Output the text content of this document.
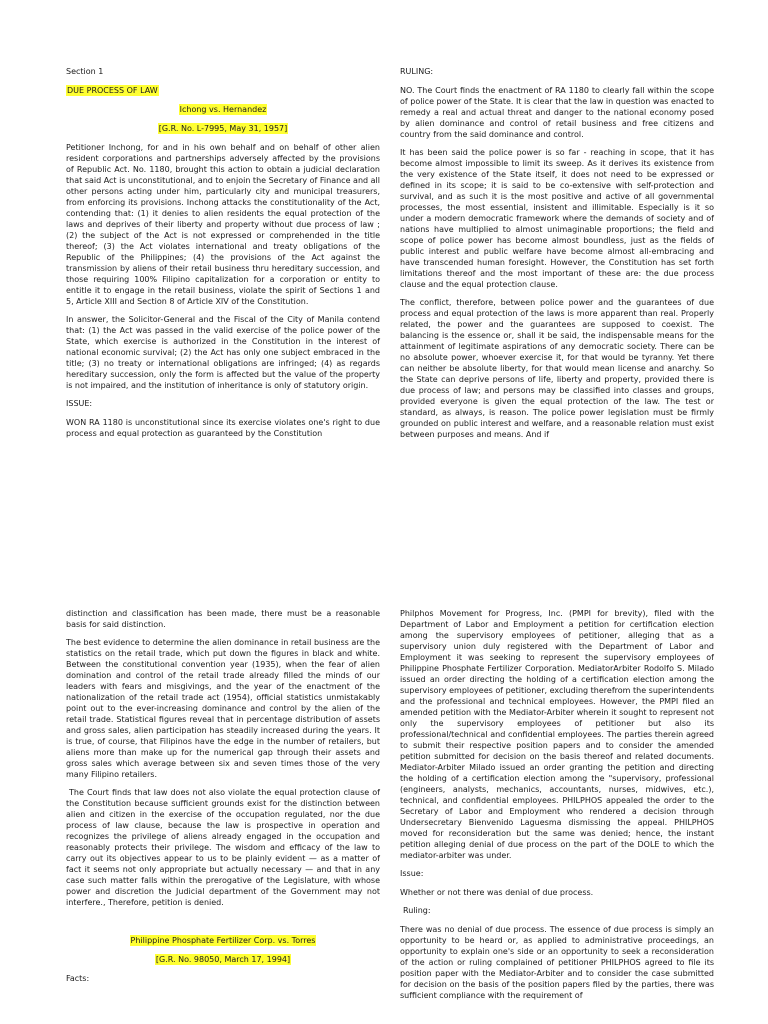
Section 1

DUE PROCESS OF LAW

Ichong vs. Hernandez

[G.R. No. L-7995, May 31, 1957]

Petitioner Inchong, for and in his own behalf and on behalf of other alien resident corporations and partnerships adversely affected by the provisions of Republic Act. No. 1180, brought this action to obtain a judicial declaration that said Act is unconstitutional, and to enjoin the Secretary of Finance and all other persons acting under him, particularly city and municipal treasurers, from enforcing its provisions. Inchong attacks the constitutionality of the Act, contending that: (1) it denies to alien residents the equal protection of the laws and deprives of their liberty and property without due process of law ; (2) the subject of the Act is not expressed or comprehended in the title thereof; (3) the Act violates international and treaty obligations of the Republic of the Philippines; (4) the provisions of the Act against the transmission by aliens of their retail business thru hereditary succession, and those requiring 100% Filipino capitalization for a corporation or entity to entitle it to engage in the retail business, violate the spirit of Sections 1 and 5, Article XIII and Section 8 of Article XIV of the Constitution.

In answer, the Solicitor-General and the Fiscal of the City of Manila contend that: (1) the Act was passed in the valid exercise of the police power of the State, which exercise is authorized in the Constitution in the interest of national economic survival; (2) the Act has only one subject embraced in the title; (3) no treaty or international obligations are infringed; (4) as regards hereditary succession, only the form is affected but the value of the property is not impaired, and the institution of inheritance is only of statutory origin.

ISSUE:

WON RA 1180 is unconstitutional since its exercise violates one's right to due process and equal protection as guaranteed by the Constitution

RULING:

NO. The Court finds the enactment of RA 1180 to clearly fall within the scope of police power of the State. It is clear that the law in question was enacted to remedy a real and actual threat and danger to the national economy posed by alien dominance and control of retail business and free citizens and country from the said dominance and control.

It has been said the police power is so far - reaching in scope, that it has become almost impossible to limit its sweep. As it derives its existence from the very existence of the State itself, it does not need to be expressed or defined in its scope; it is said to be co-extensive with self-protection and survival, and as such it is the most positive and active of all governmental processes, the most essential, insistent and illimitable. Especially is it so under a modern democratic framework where the demands of society and of nations have multiplied to almost unimaginable proportions; the field and scope of police power has become almost boundless, just as the fields of public interest and public welfare have become almost all-embracing and have transcended human foresight. However, the Constitution has set forth limitations thereof and the most important of these are: the due process clause and the equal protection clause.

The conflict, therefore, between police power and the guarantees of due process and equal protection of the laws is more apparent than real. Properly related, the power and the guarantees are supposed to coexist. The balancing is the essence or, shall it be said, the indispensable means for the attainment of legitimate aspirations of any democratic society. There can be no absolute power, whoever exercise it, for that would be tyranny. Yet there can neither be absolute liberty, for that would mean license and anarchy. So the State can deprive persons of life, liberty and property, provided there is due process of law; and persons may be classified into classes and groups, provided everyone is given the equal protection of the law. The test or standard, as always, is reason. The police power legislation must be firmly grounded on public interest and welfare, and a reasonable relation must exist between purposes and means. And if

distinction and classification has been made, there must be a reasonable basis for said distinction.

The best evidence to determine the alien dominance in retail business are the statistics on the retail trade, which put down the figures in black and white. Between the constitutional convention year (1935), when the fear of alien domination and control of the retail trade already filled the minds of our leaders with fears and misgivings, and the year of the enactment of the nationalization of the retail trade act (1954), official statistics unmistakably point out to the ever-increasing dominance and control by the alien of the retail trade. Statistical figures reveal that in percentage distribution of assets and gross sales, alien participation has steadily increased during the years. It is true, of course, that Filipinos have the edge in the number of retailers, but aliens more than make up for the numerical gap through their assets and gross sales which average between six and seven times those of the very many Filipino retailers.

The Court finds that law does not also violate the equal protection clause of the Constitution because sufficient grounds exist for the distinction between alien and citizen in the exercise of the occupation regulated, nor the due process of law clause, because the law is prospective in operation and recognizes the privilege of aliens already engaged in the occupation and reasonably protects their privilege. The wisdom and efficacy of the law to carry out its objectives appear to us to be plainly evident — as a matter of fact it seems not only appropriate but actually necessary — and that in any case such matter falls within the prerogative of the Legislature, with whose power and discretion the Judicial department of the Government may not interfere., Therefore, petition is denied.

Philippine Phosphate Fertilizer Corp. vs. Torres

[G.R. No. 98050, March 17, 1994]

Facts:

Philphos Movement for Progress, Inc. (PMPI for brevity), filed with the Department of Labor and Employment a petition for certification election among the supervisory employees of petitioner, alleging that as a supervisory union duly registered with the Department of Labor and Employment it was seeking to represent the supervisory employees of Philippine Phosphate Fertilizer Corporation. MediatorArbiter Rodolfo S. Milado issued an order directing the holding of a certification election among the supervisory employees of petitioner, excluding therefrom the superintendents and the professional and technical employees. However, the PMPI filed an amended petition with the Mediator-Arbiter wherein it sought to represent not only the supervisory employees of petitioner but also its professional/technical and confidential employees. The parties therein agreed to submit their respective position papers and to consider the amended petition submitted for decision on the basis thereof and related documents. Mediator-Arbiter Milado issued an order granting the petition and directing the holding of a certification election among the "supervisory, professional (engineers, analysts, mechanics, accountants, nurses, midwives, etc.), technical, and confidential employees. PHILPHOS appealed the order to the Secretary of Labor and Employment who rendered a decision through Undersecretary Bienvenido Laguesma dismissing the appeal. PHILPHOS moved for reconsideration but the same was denied; hence, the instant petition alleging denial of due process on the part of the DOLE to which the mediator-arbiter was under.

Issue:

Whether or not there was denial of due process.

Ruling:

There was no denial of due process. The essence of due process is simply an opportunity to be heard or, as applied to administrative proceedings, an opportunity to explain one's side or an opportunity to seek a reconsideration of the action or ruling complained of petitioner PHILPHOS agreed to file its position paper with the Mediator-Arbiter and to consider the case submitted for decision on the basis of the position papers filed by the parties, there was sufficient compliance with the requirement of
